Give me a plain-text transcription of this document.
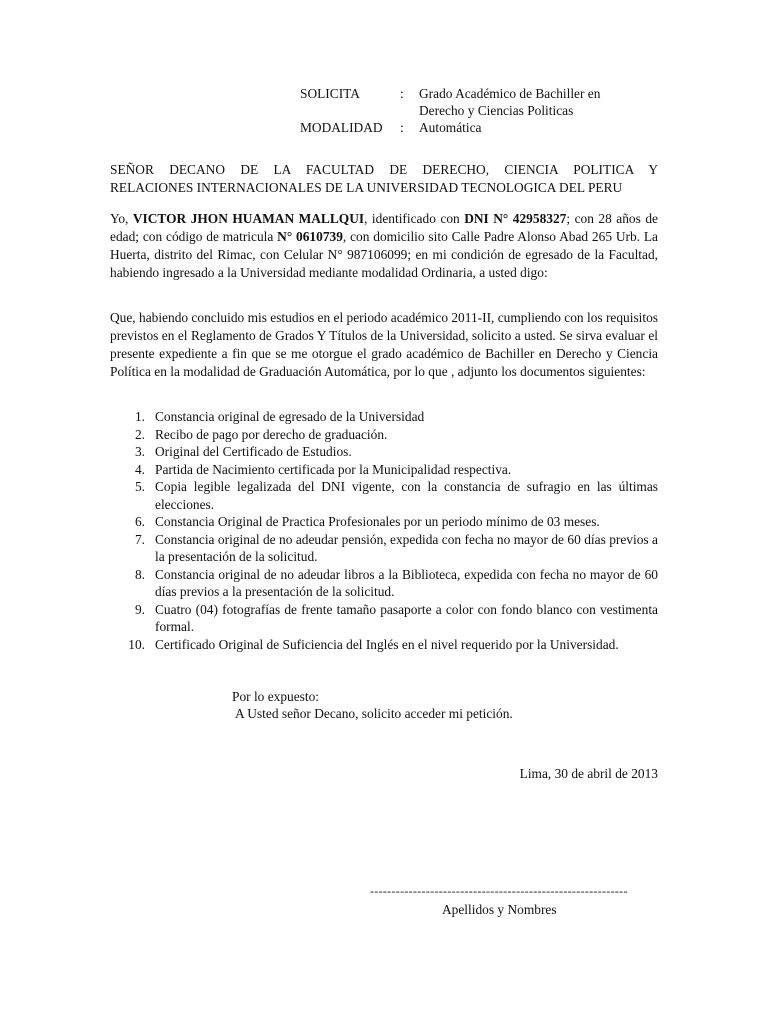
SOLICITA	:	Grado Académico de Bachiller en
Derecho y Ciencias Politicas
MODALIDAD	:	Automática
SEÑOR DECANO DE LA FACULTAD DE DERECHO, CIENCIA POLITICA Y
RELACIONES INTERNACIONALES DE LA UNIVERSIDAD TECNOLOGICA DEL PERU
Yo, VICTOR JHON HUAMAN MALLQUI, identificado con DNI N° 42958327; con 28 años de edad; con código de matricula N° 0610739, con domicilio sito Calle Padre Alonso Abad 265 Urb. La Huerta, distrito del Rimac, con Celular N° 987106099; en mi condición de egresado de la Facultad, habiendo ingresado a la Universidad mediante modalidad Ordinaria, a usted digo:
Que, habiendo concluido mis estudios en el periodo académico 2011-II, cumpliendo con los requisitos previstos en el Reglamento de Grados Y Títulos de la Universidad, solicito a usted. Se sirva evaluar el presente expediente a fin que se me otorgue el grado académico de Bachiller en Derecho y Ciencia Política en la modalidad de Graduación Automática, por lo que , adjunto los documentos siguientes:
1. Constancia original de egresado de la Universidad
2. Recibo de pago por derecho de graduación.
3. Original del Certificado de Estudios.
4. Partida de Nacimiento certificada por la Municipalidad respectiva.
5. Copia legible legalizada del DNI vigente, con la constancia de sufragio en las últimas elecciones.
6. Constancia Original de Practica Profesionales por un periodo mínimo de 03 meses.
7. Constancia original de no adeudar pensión, expedida con fecha no mayor de 60 días previos a la presentación de la solicitud.
8. Constancia original de no adeudar libros a la Biblioteca, expedida con fecha no mayor de 60 días previos a la presentación de la solicitud.
9. Cuatro (04) fotografías de frente tamaño pasaporte a color con fondo blanco con vestimenta formal.
10. Certificado Original de Suficiencia del Inglés en el nivel requerido por la Universidad.
Por lo expuesto:
A Usted señor Decano, solicito acceder mi petición.
Lima, 30 de abril de 2013
------------------------------------------------------------
Apellidos y Nombres
